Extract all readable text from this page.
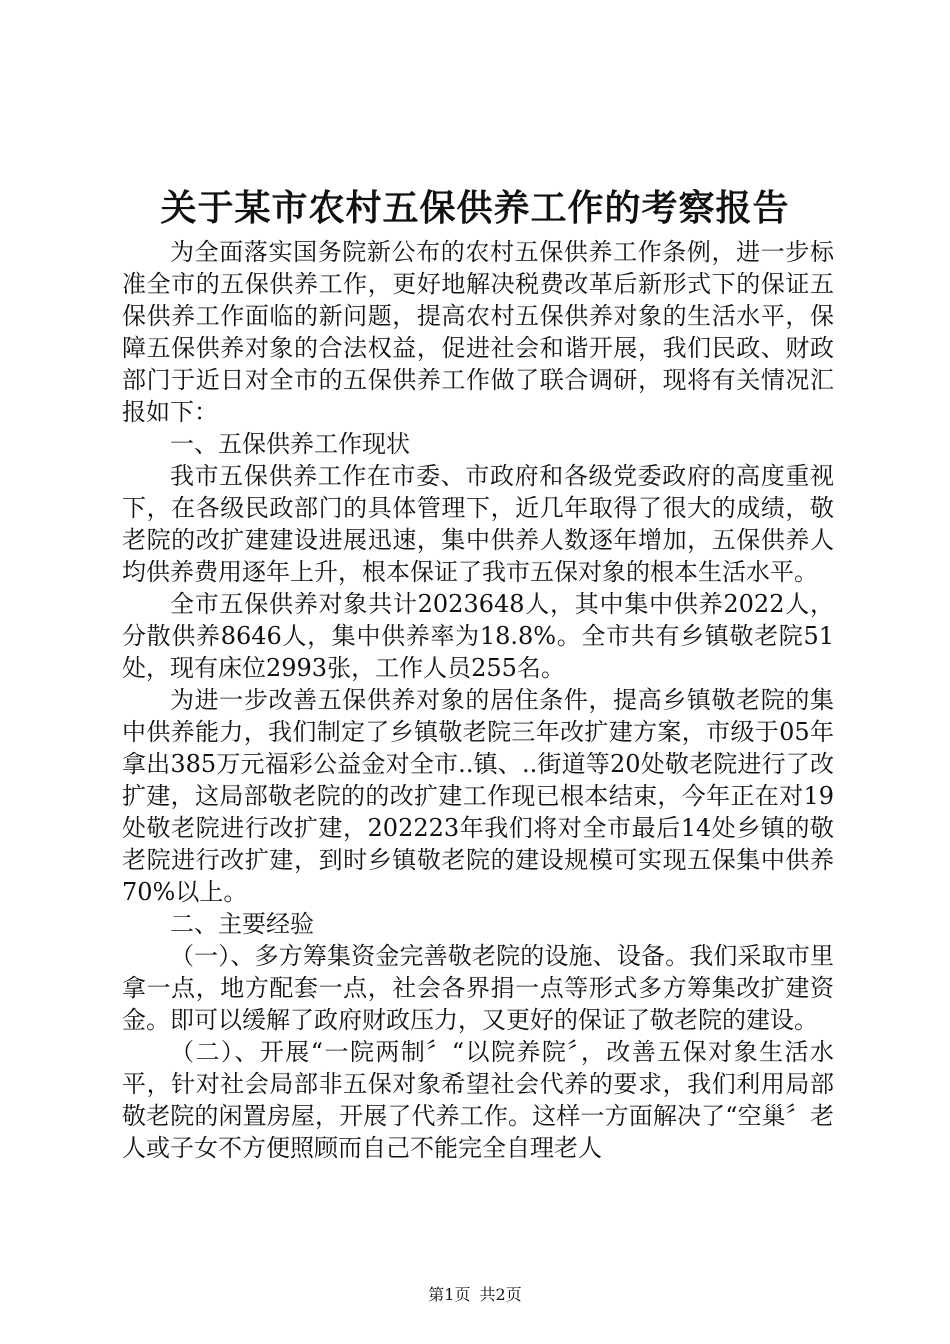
关于某市农村五保供养工作的考察报告

为全面落实国务院新公布的农村五保供养工作条例，进一步标准全市的五保供养工作，更好地解决税费改革后新形式下的保证五保供养工作面临的新问题，提高农村五保供养对象的生活水平，保障五保供养对象的合法权益，促进社会和谐开展，我们民政、财政部门于近日对全市的五保供养工作做了联合调研，现将有关情况汇报如下：

一、五保供养工作现状

我市五保供养工作在市委、市政府和各级党委政府的高度重视下，在各级民政部门的具体管理下，近几年取得了很大的成绩，敬老院的改扩建建设进展迅速，集中供养人数逐年增加，五保供养人均供养费用逐年上升，根本保证了我市五保对象的根本生活水平。

全市五保供养对象共计2023648人，其中集中供养2022人，分散供养8646人，集中供养率为18.8%。全市共有乡镇敬老院51处，现有床位2993张，工作人员255名。

为进一步改善五保供养对象的居住条件，提高乡镇敬老院的集中供养能力，我们制定了乡镇敬老院三年改扩建方案，市级于05年拿出385万元福彩公益金对全市..镇、..街道等20处敬老院进行了改扩建，这局部敬老院的的改扩建工作现已根本结束，今年正在对19处敬老院进行改扩建，202223年我们将对全市最后14处乡镇的敬老院进行改扩建，到时乡镇敬老院的建设规模可实现五保集中供养70%以上。

二、主要经验

（一）、多方筹集资金完善敬老院的设施、设备。我们采取市里拿一点，地方配套一点，社会各界捐一点等形式多方筹集改扩建资金。即可以缓解了政府财政压力，又更好的保证了敬老院的建设。

（二）、开展“一院两制〞“以院养院〞，改善五保对象生活水平，针对社会局部非五保对象希望社会代养的要求，我们利用局部敬老院的闲置房屋，开展了代养工作。这样一方面解决了“空巢〞老人或子女不方便照顾而自己不能完全自理老人

第1页 共2页
